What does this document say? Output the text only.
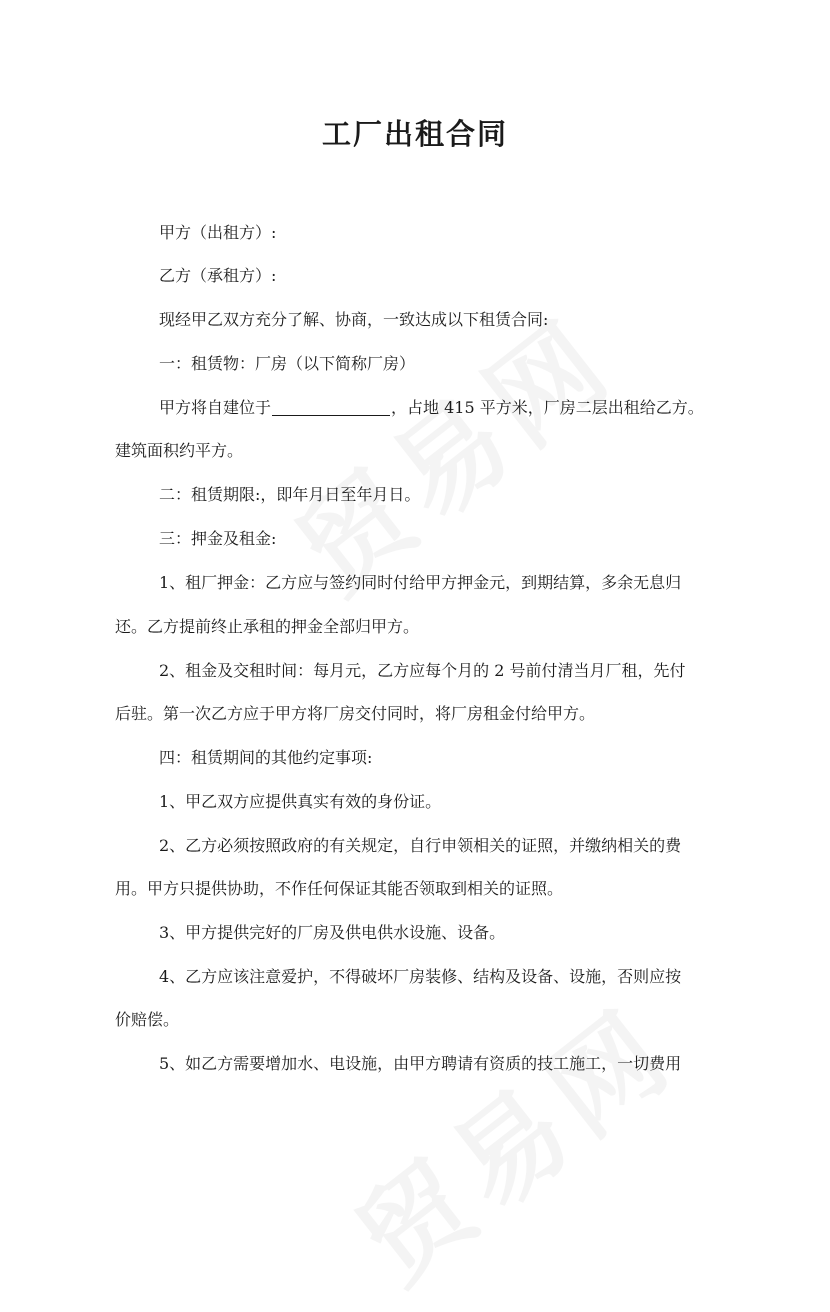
工厂出租合同

甲方（出租方）:

乙方（承租方）:

现经甲乙双方充分了解、协商，一致达成以下租赁合同:

一：租赁物：厂房（以下简称厂房）

甲方将自建位于	，占地 415 平方米，厂房二层出租给乙方。

建筑面积约平方。

二：租赁期限:，即年月日至年月日。

三：押金及租金:

1、租厂押金：乙方应与签约同时付给甲方押金元，到期结算，多余无息归

还。乙方提前终止承租的押金全部归甲方。

2、租金及交租时间：每月元，乙方应每个月的 2 号前付清当月厂租，先付

后驻。第一次乙方应于甲方将厂房交付同时，将厂房租金付给甲方。

四：租赁期间的其他约定事项:

1、甲乙双方应提供真实有效的身份证。

2、乙方必须按照政府的有关规定，自行申领相关的证照，并缴纳相关的费

用。甲方只提供协助，不作任何保证其能否领取到相关的证照。

3、甲方提供完好的厂房及供电供水设施、设备。

4、乙方应该注意爱护，不得破坏厂房装修、结构及设备、设施，否则应按

价赔偿。

5、如乙方需要增加水、电设施，由甲方聘请有资质的技工施工，一切费用
